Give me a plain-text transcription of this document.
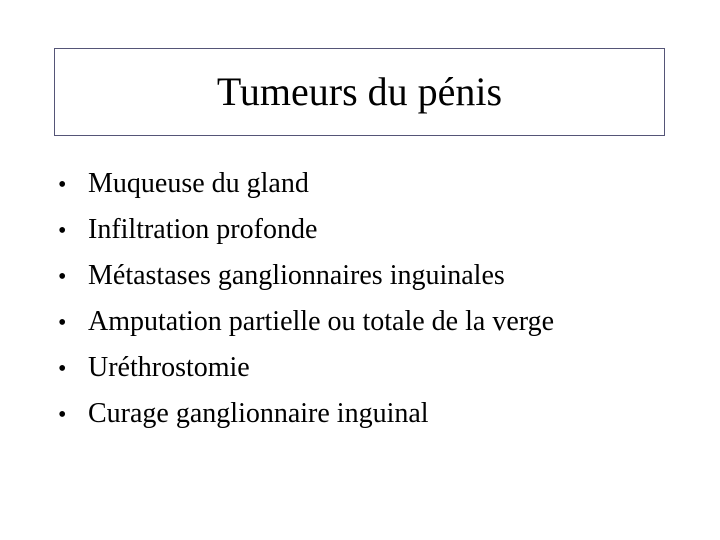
Tumeurs du pénis
• Muqueuse du gland
• Infiltration profonde
• Métastases ganglionnaires inguinales
• Amputation partielle ou totale de la verge
• Uréthrostomie
• Curage ganglionnaire inguinal
